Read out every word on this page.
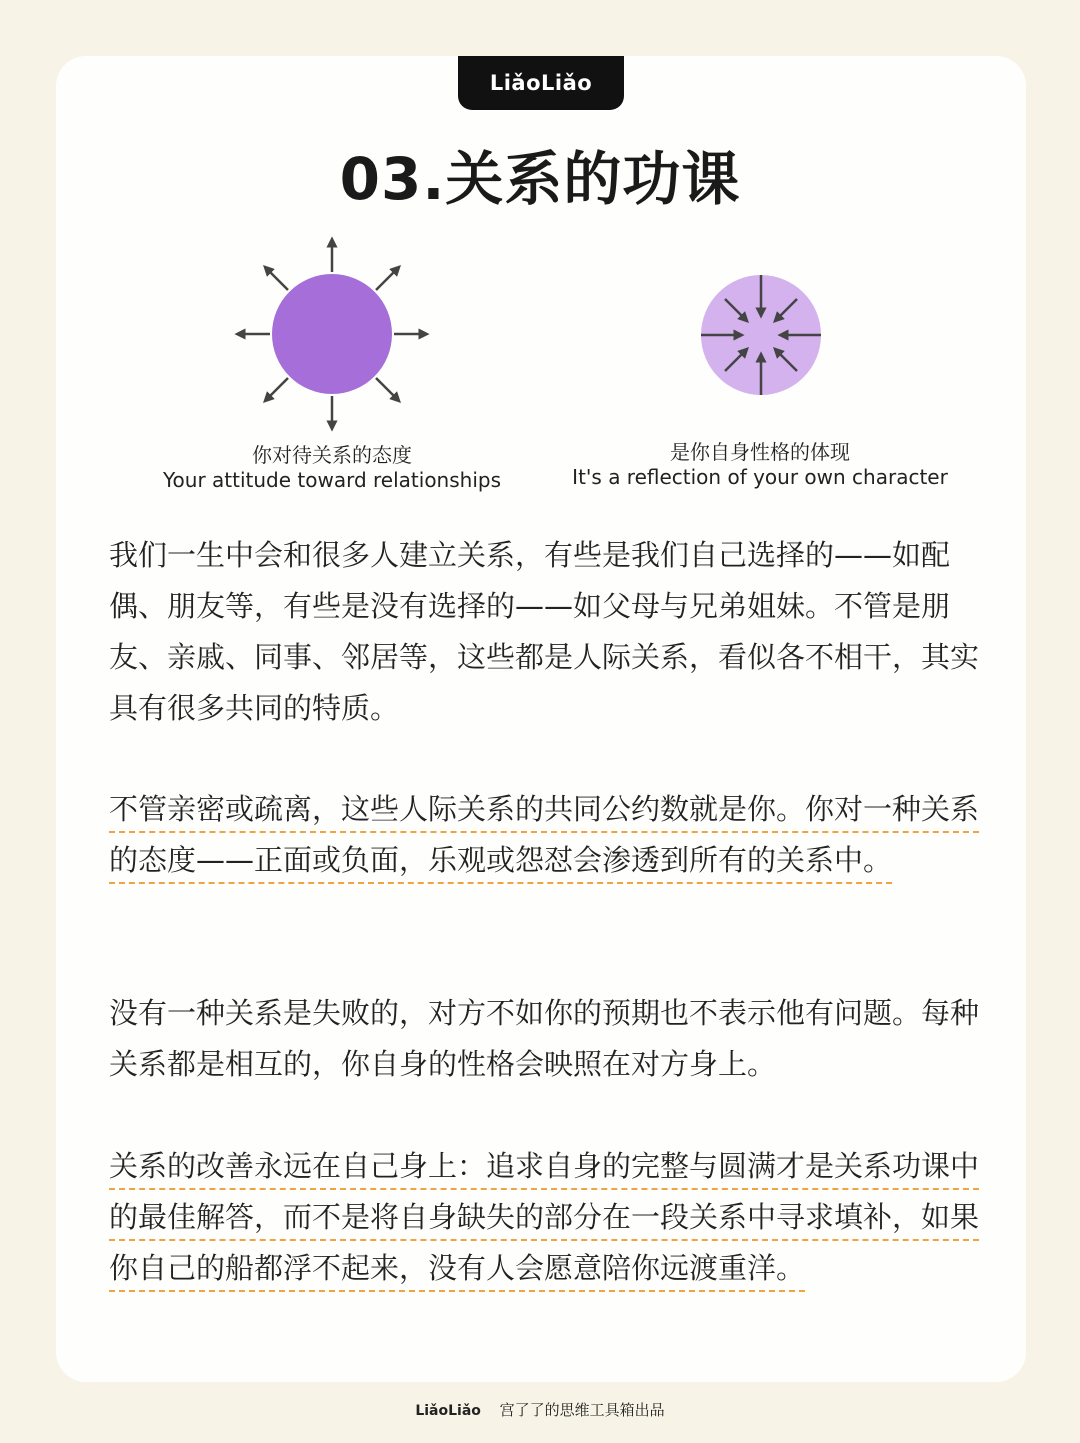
LiǎoLiǎo
03.关系的功课
你对待关系的态度
Your attitude toward relationships
是你自身性格的体现
It's a reflection of your own character

我们一生中会和很多人建立关系，有些是我们自己选择的——如配偶、朋友等，有些是没有选择的——如父母与兄弟姐妹。不管是朋友、亲戚、同事、邻居等，这些都是人际关系，看似各不相干，其实具有很多共同的特质。

不管亲密或疏离，这些人际关系的共同公约数就是你。你对一种关系的态度——正面或负面，乐观或怨怼会渗透到所有的关系中。

没有一种关系是失败的，对方不如你的预期也不表示他有问题。每种关系都是相互的，你自身的性格会映照在对方身上。

关系的改善永远在自己身上：追求自身的完整与圆满才是关系功课中的最佳解答，而不是将自身缺失的部分在一段关系中寻求填补，如果你自己的船都浮不起来，没有人会愿意陪你远渡重洋。

LiǎoLiǎo 宫了了的思维工具箱出品
